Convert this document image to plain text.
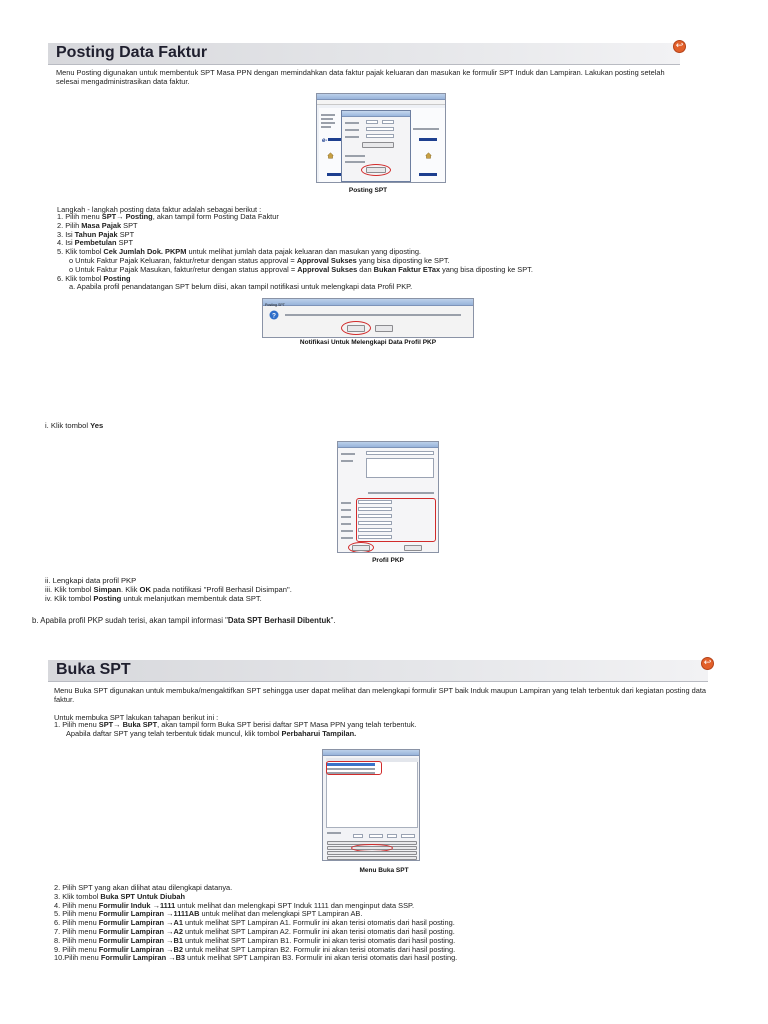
Posting Data Faktur	↩
Menu Posting digunakan untuk membentuk SPT Masa PPN dengan memindahkan data faktur pajak keluaran dan masukan ke formulir SPT Induk dan Lampiran. Lakukan posting setelah selesai mengadministrasikan data faktur.
e-
Posting SPT
Langkah - langkah posting data faktur adalah sebagai berikut :
1. Pilih menu SPT→ Posting, akan tampil form Posting Data Faktur
2. Pilih Masa Pajak SPT
3. Isi Tahun Pajak SPT
4. Isi Pembetulan SPT
5. Klik tombol Cek Jumlah Dok. PKPM untuk melihat jumlah data pajak keluaran dan masukan yang diposting.
o Untuk Faktur Pajak Keluaran, faktur/retur dengan status approval = Approval Sukses yang bisa diposting ke SPT.
o Untuk Faktur Pajak Masukan, faktur/retur dengan status approval = Approval Sukses dan Bukan Faktur ETax yang bisa diposting ke SPT.
6. Klik tombol Posting
a. Apabila profil penandatangan SPT belum diisi, akan tampil notifikasi untuk melengkapi data Profil PKP.
Posting SPT
?
Notifikasi Untuk Melengkapi Data Profil PKP
i. Klik tombol Yes
Profil PKP
ii. Lengkapi data profil PKP
iii. Klik tombol Simpan. Klik OK pada notifikasi "Profil Berhasil Disimpan".
iv. Klik tombol Posting untuk melanjutkan membentuk data SPT.
b. Apabila profil PKP sudah terisi, akan tampil informasi "Data SPT Berhasil Dibentuk".
Buka SPT	↩
Menu Buka SPT digunakan untuk membuka/mengaktifkan SPT sehingga user dapat melihat dan melengkapi formulir SPT baik Induk maupun Lampiran yang telah terbentuk dari kegiatan posting data faktur.
Untuk membuka SPT lakukan tahapan berikut ini :
1. Pilih menu SPT→ Buka SPT, akan tampil form Buka SPT berisi daftar SPT Masa PPN yang telah terbentuk.
Apabila daftar SPT yang telah terbentuk tidak muncul, klik tombol Perbaharui Tampilan.
Menu Buka SPT
2. Pilih SPT yang akan dilihat atau dilengkapi datanya.
3. Klik tombol Buka SPT Untuk Diubah
4. Pilih menu Formulir Induk →1111 untuk melihat dan melengkapi SPT Induk 1111 dan menginput data SSP.
5. Pilih menu Formulir Lampiran →1111AB untuk melihat dan melengkapi SPT Lampiran AB.
6. Pilih menu Formulir Lampiran →A1 untuk melihat SPT Lampiran A1. Formulir ini akan terisi otomatis dari hasil posting.
7. Pilih menu Formulir Lampiran →A2 untuk melihat SPT Lampiran A2. Formulir ini akan terisi otomatis dari hasil posting.
8. Pilih menu Formulir Lampiran →B1 untuk melihat SPT Lampiran B1. Formulir ini akan terisi otomatis dari hasil posting.
9. Pilih menu Formulir Lampiran →B2 untuk melihat SPT Lampiran B2. Formulir ini akan terisi otomatis dari hasil posting.
10.Pilih menu Formulir Lampiran →B3 untuk melihat SPT Lampiran B3. Formulir ini akan terisi otomatis dari hasil posting.
